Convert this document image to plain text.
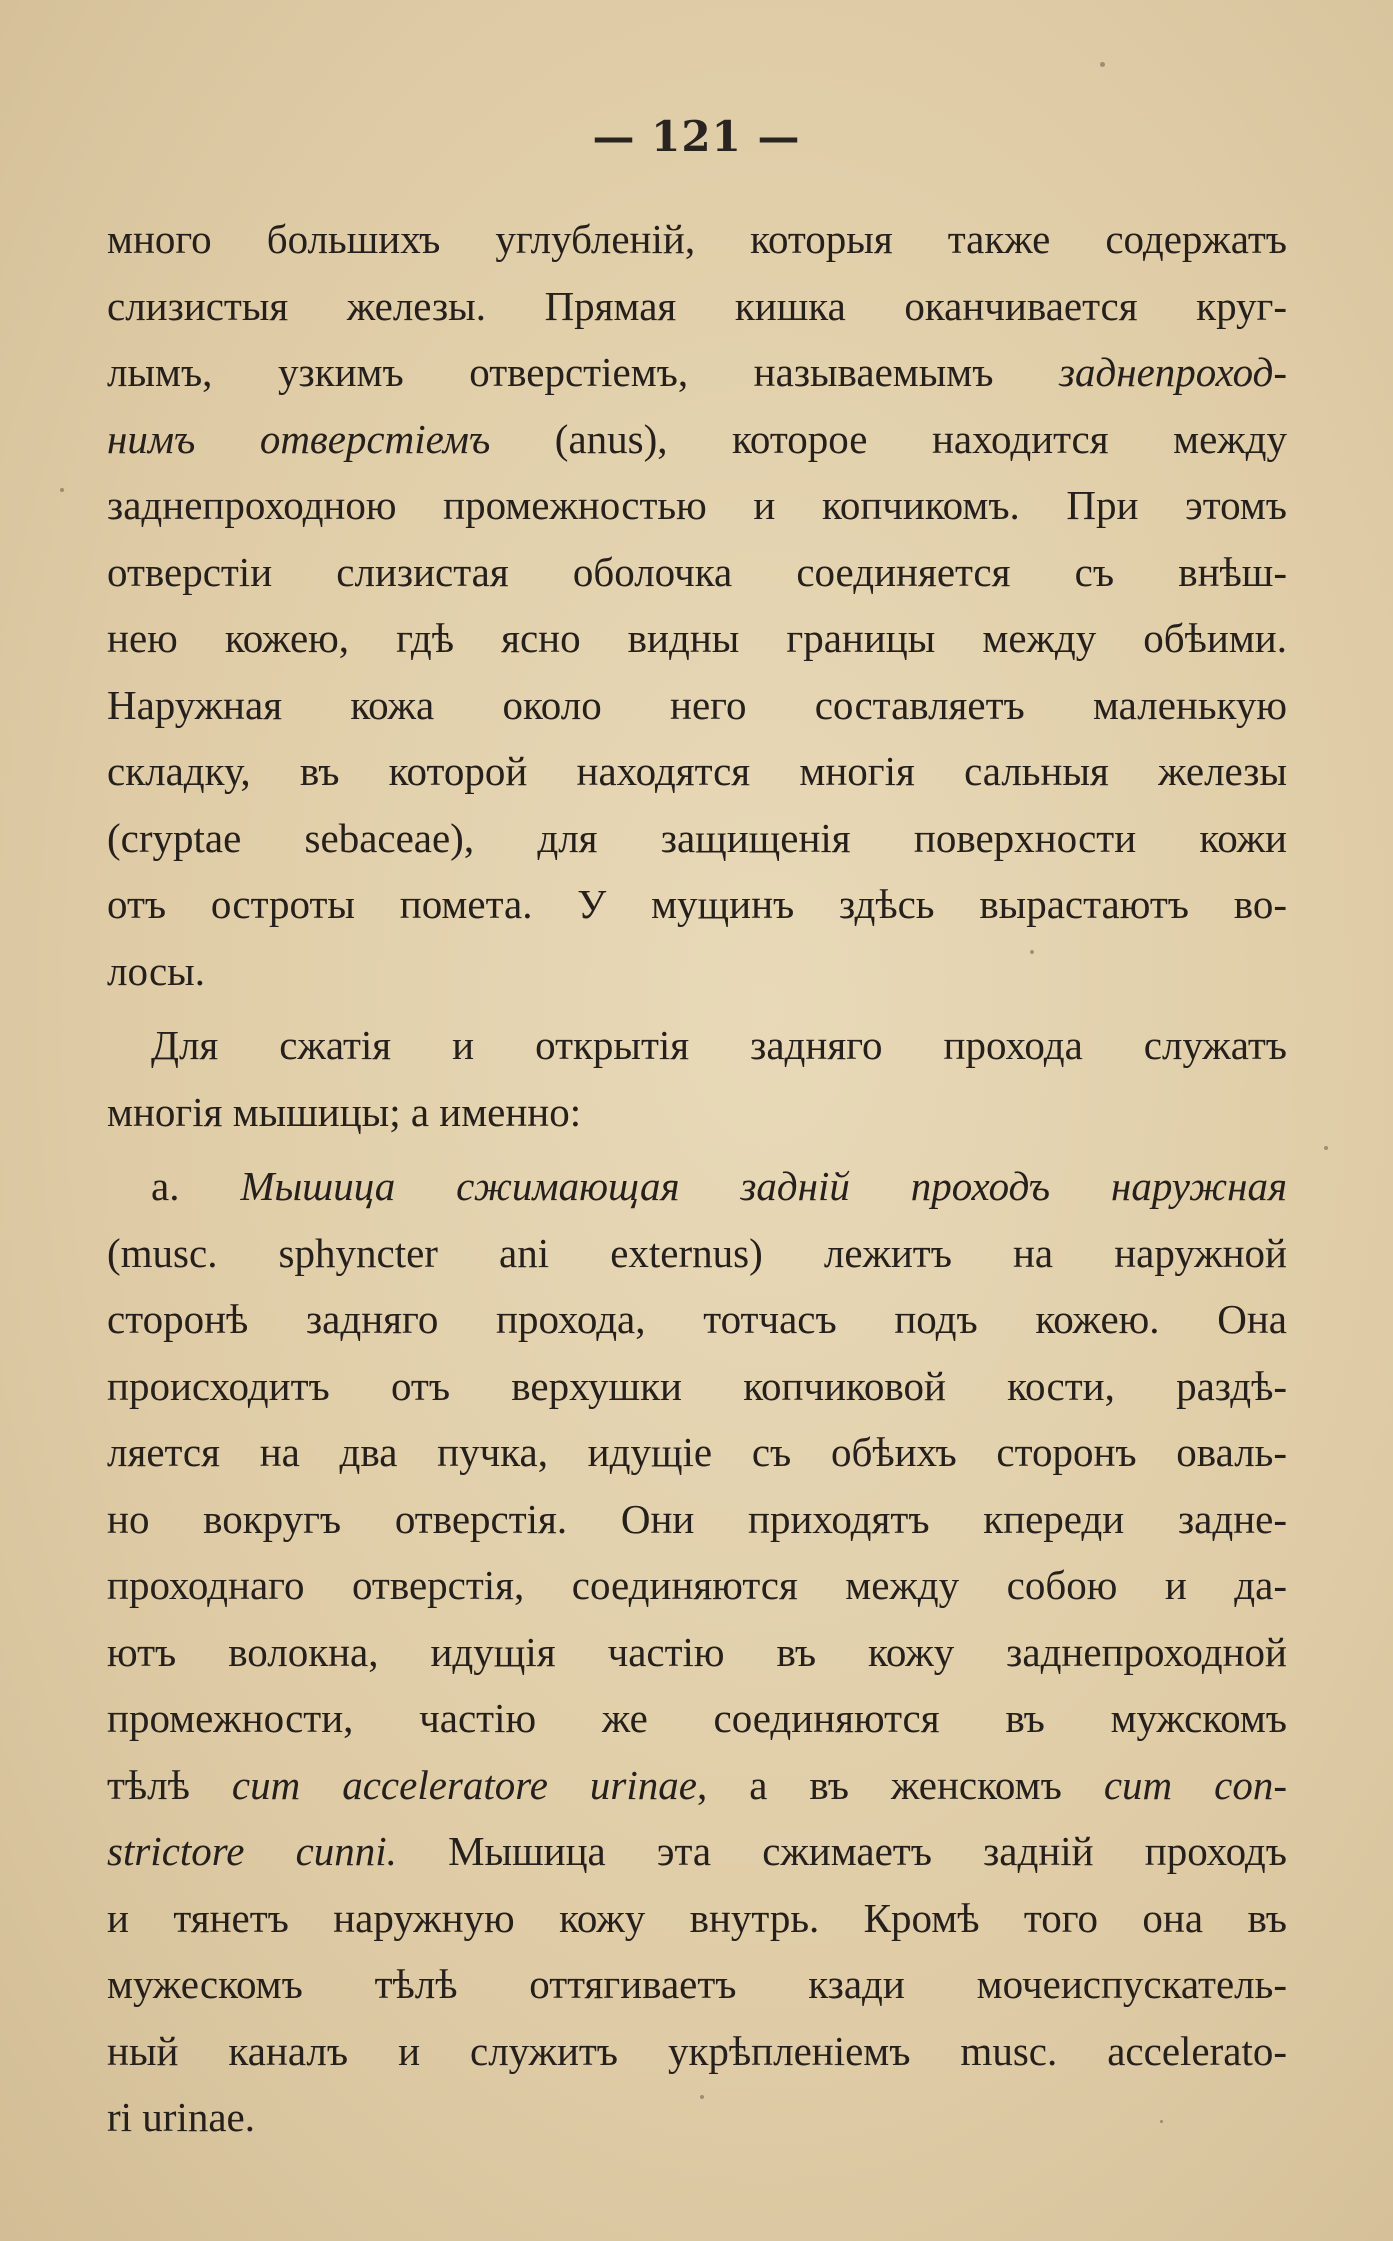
— 121 —
много большихъ углубленій, которыя также содержатъ
слизистыя железы. Прямая кишка оканчивается круг-
лымъ, узкимъ отверстіемъ, называемымъ заднепроход-
нимъ отверстіемъ (anus), которое находится между
заднепроходною промежностью и копчикомъ. При этомъ
отверстіи слизистая оболочка соединяется съ внѣш-
нею кожею, гдѣ ясно видны границы между обѣими.
Наружная кожа около него составляетъ маленькую
складку, въ которой находятся многія сальныя железы
(cryptae sebaceae), для защищенія поверхности кожи
отъ остроты помета. У мущинъ здѣсь вырастаютъ во-
лосы.
Для сжатія и открытія задняго прохода служатъ
многія мышицы; а именно:
a. Мышица сжимающая задній проходъ наружная
(musc. sphyncter ani externus) лежитъ на наружной
сторонѣ задняго прохода, тотчасъ подъ кожею. Она
происходитъ отъ верхушки копчиковой кости, раздѣ-
ляется на два пучка, идущіе съ обѣихъ сторонъ оваль-
но вокругъ отверстія. Они приходятъ кпереди задне-
проходнаго отверстія, соединяются между собою и да-
ютъ волокна, идущія частію въ кожу заднепроходной
промежности, частію же соединяются въ мужскомъ
тѣлѣ cum acceleratore urinae, а въ женскомъ cum con-
strictore cunni. Мышица эта сжимаетъ задній проходъ
и тянетъ наружную кожу внутрь. Кромѣ того она въ
мужескомъ тѣлѣ оттягиваетъ кзади мочеиспускатель-
ный каналъ и служитъ укрѣпленіемъ musc. accelerato-
ri urinae.
